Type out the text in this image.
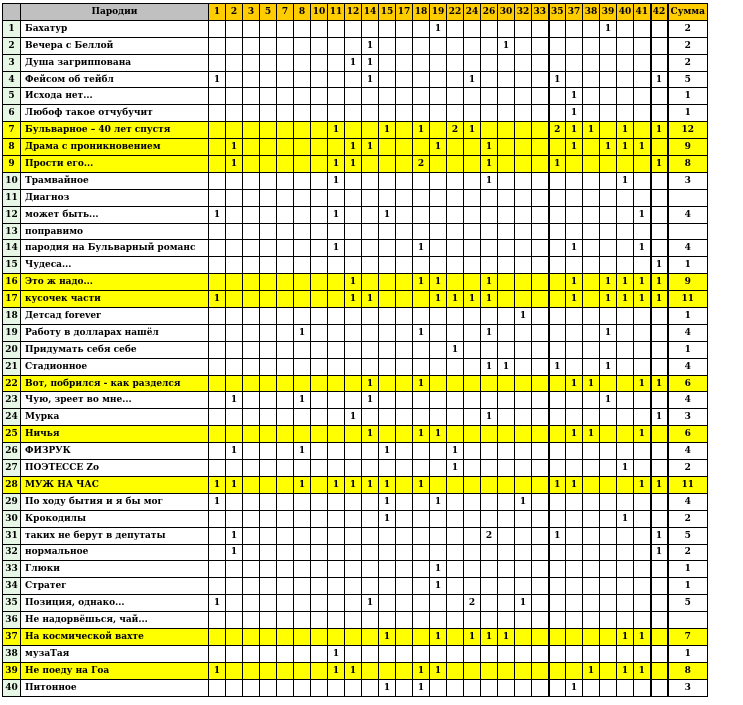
	Пародии	1	2	3	5	7	8	10	11	12	14	15	17	18	19	22	24	26	30	32	33	35	37	38	39	40	41	42	Сумма
1	Бахатур														1										1				2
2	Вечера с Беллой										1								1										2
3	Душа загриппована									1	1																		2
4	Фейсом об тейбл	1									1						1					1						1	5
5	Исхода нет...																						1						1
6	Любоф такое отчубучит																						1						1
7	Бульварное – 40 лет спустя								1			1		1		2	1					2	1	1		1		1	12
8	Драма с проникновением		1							1	1				1			1					1		1	1	1		9
9	Прости его...		1						1	1				2				1				1						1	8
10	Трамвайное								1									1								1			3
11	Диагноз																												
12	может быть...	1							1			1															1		4
13	поправимо																												
14	пародия на Бульварный романс								1					1									1				1		4
15	Чудеса...																											1	1
16	Это ж надо...									1				1	1			1					1		1	1	1	1	9
17	кусочек части	1								1	1				1	1	1	1					1		1	1	1	1	11
18	Детсад forever																			1									1
19	Работу в долларах нашёл						1							1				1							1				4
20	Придумать себя себе															1													1
21	Стадионное																	1	1			1			1				4
22	Вот, побрился - как разделся										1			1									1	1			1	1	6
23	Чую, зреет во мне...		1				1				1														1				4
24	Мурка									1								1										1	3
25	Ничья										1			1	1								1	1			1		6
26	ФИЗРУК		1				1					1				1													4
27	ПОЭТЕССЕ Zo															1										1			2
28	МУЖ НА ЧАС	1	1				1		1	1	1	1		1								1	1				1	1	11
29	По ходу бытия и я бы мог	1										1			1					1									4
30	Крокодилы											1														1			2
31	таких не берут в депутаты		1															2				1						1	5
32	нормальное		1																									1	2
33	Глюки														1														1
34	Стратег														1														1
35	Позиция, однако...	1									1						2			1									5
36	Не надорвёшься, чай...																												
37	На космической вахте											1			1		1	1	1							1	1		7
38	музаТая								1																				1
39	Не поеду на Гоа	1							1	1				1	1									1		1	1		8
40	Питонное											1		1									1						3
